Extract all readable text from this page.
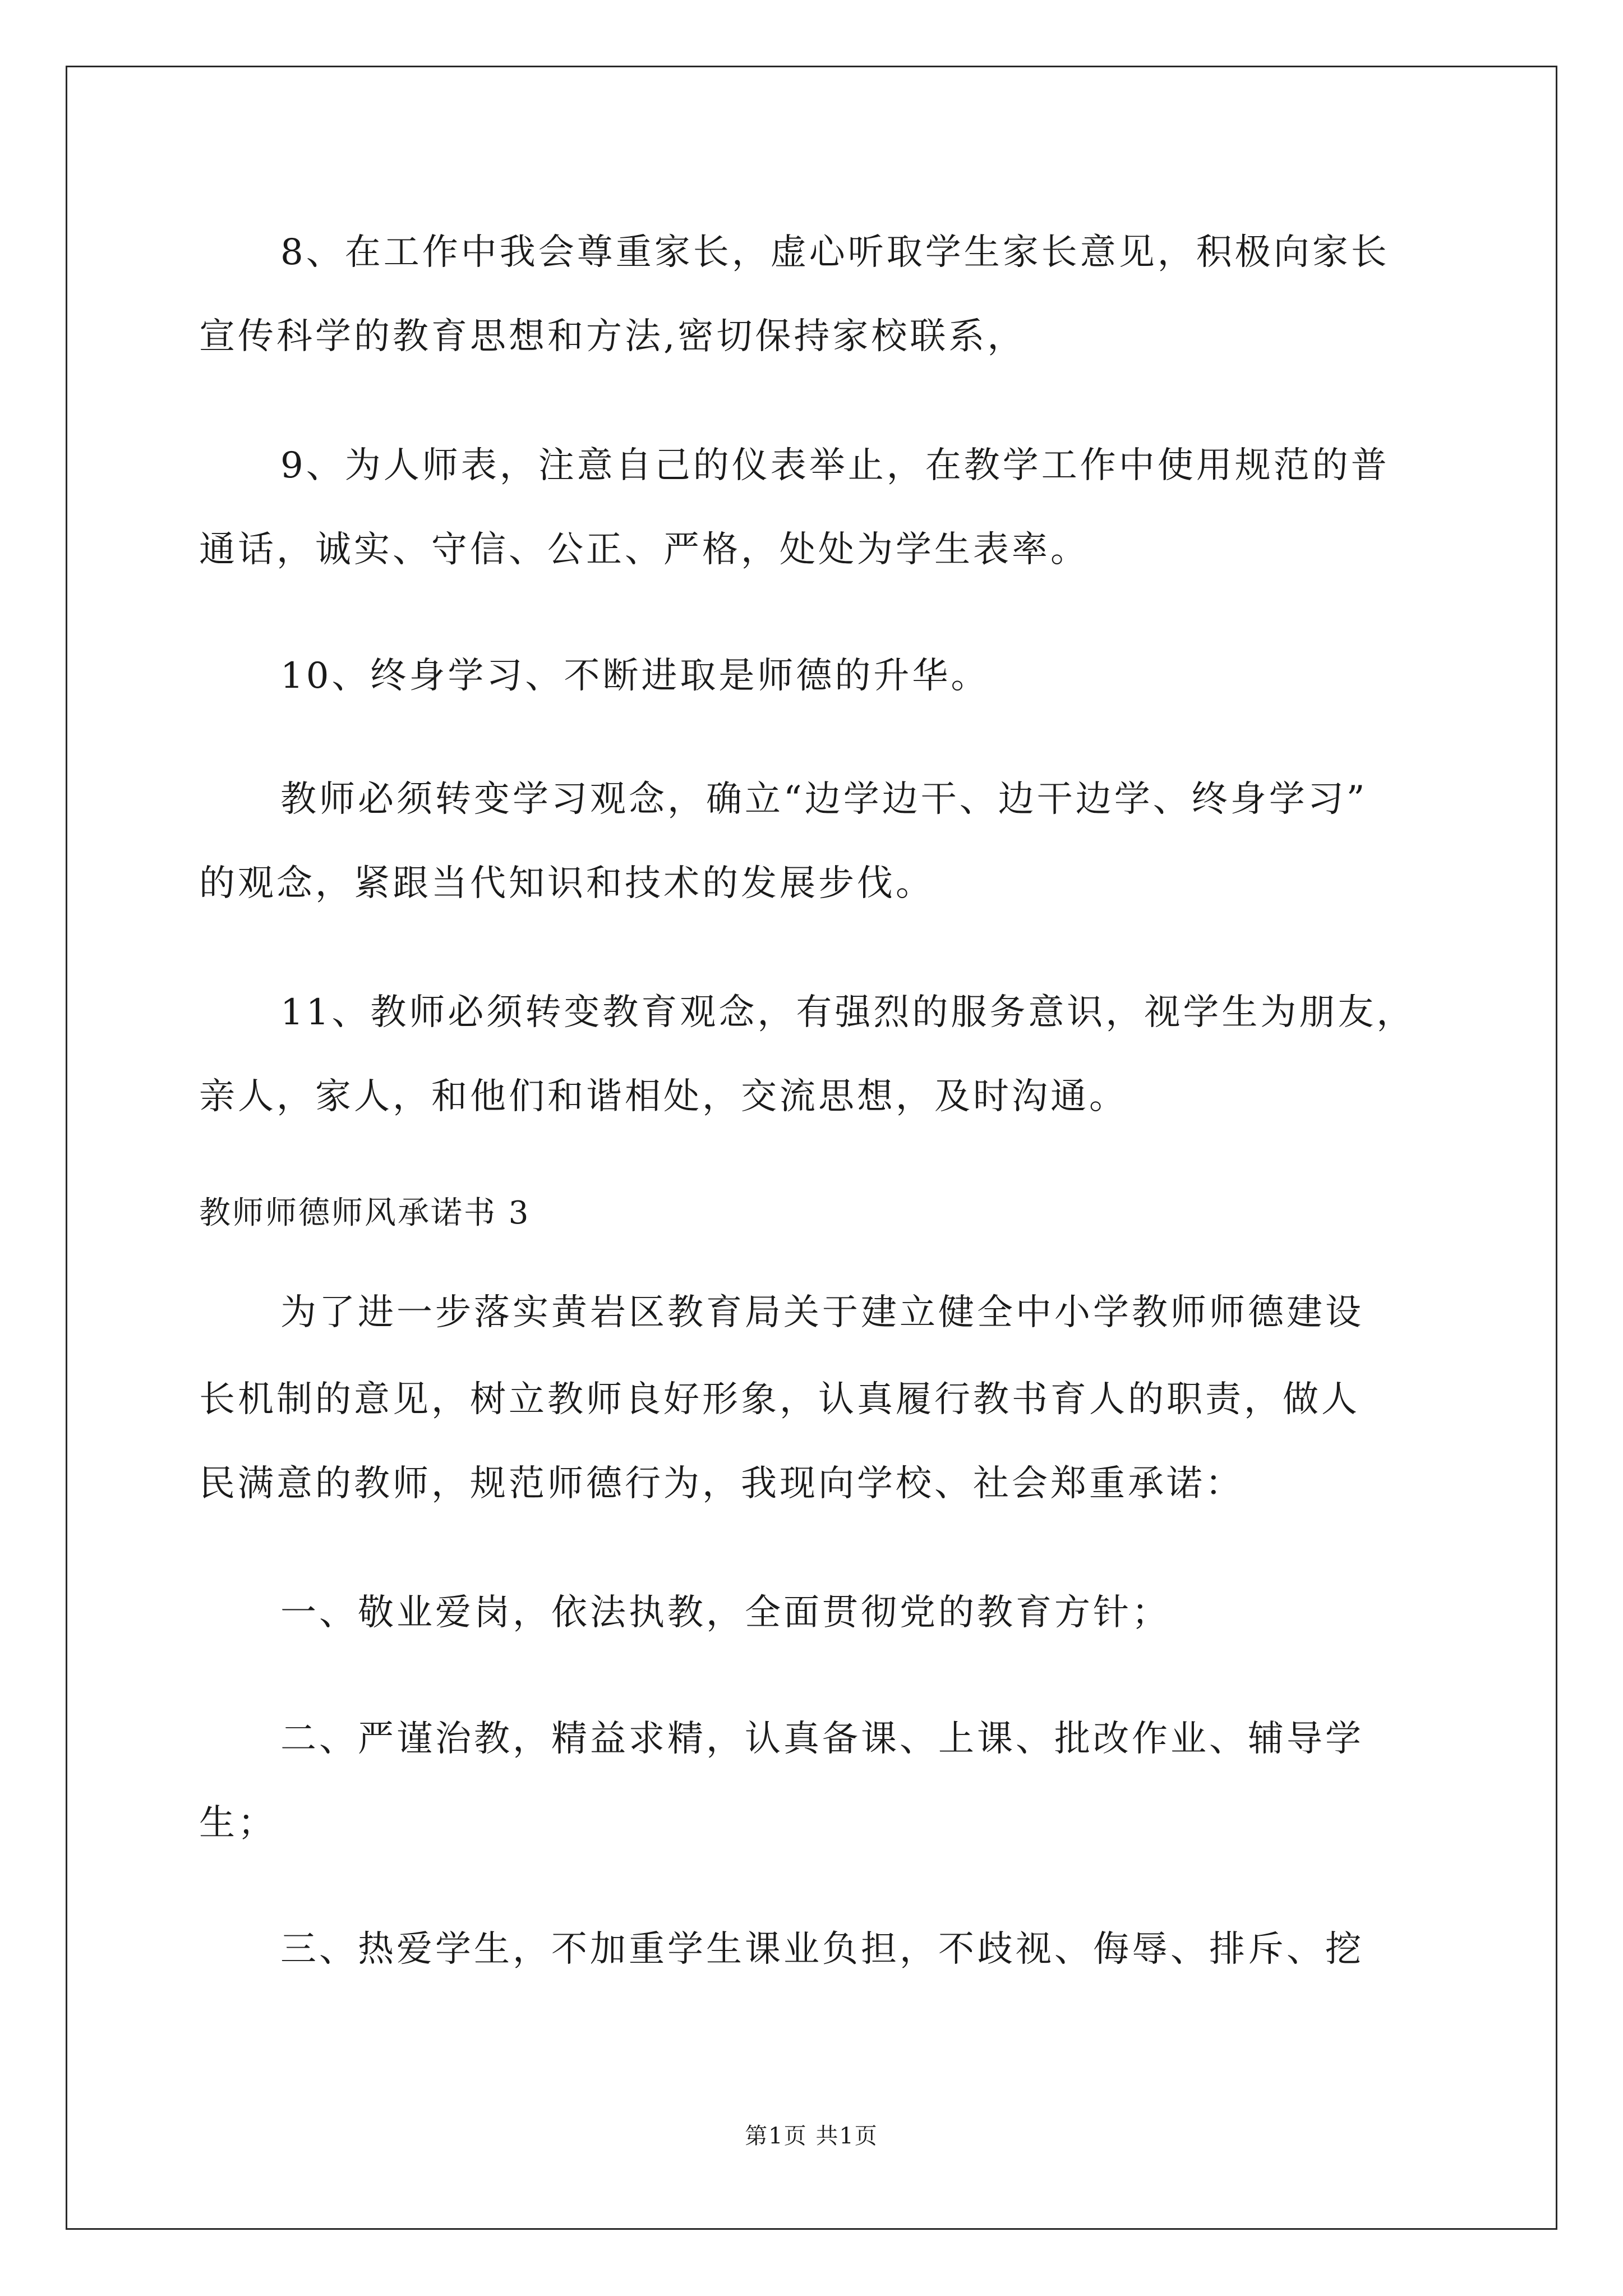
8、在工作中我会尊重家长，虚心听取学生家长意见，积极向家长
宣传科学的教育思想和方法,密切保持家校联系，
9、为人师表，注意自己的仪表举止，在教学工作中使用规范的普
通话，诚实、守信、公正、严格，处处为学生表率。
10、终身学习、不断进取是师德的升华。
教师必须转变学习观念，确立“边学边干、边干边学、终身学习”
的观念，紧跟当代知识和技术的发展步伐。
11、教师必须转变教育观念，有强烈的服务意识，视学生为朋友，
亲人，家人，和他们和谐相处，交流思想，及时沟通。
教师师德师风承诺书 3
为了进一步落实黄岩区教育局关于建立健全中小学教师师德建设
长机制的意见，树立教师良好形象，认真履行教书育人的职责，做人
民满意的教师，规范师德行为，我现向学校、社会郑重承诺：
一、敬业爱岗，依法执教，全面贯彻党的教育方针；
二、严谨治教，精益求精，认真备课、上课、批改作业、辅导学
生；
三、热爱学生，不加重学生课业负担，不歧视、侮辱、排斥、挖
第1页 共1页
